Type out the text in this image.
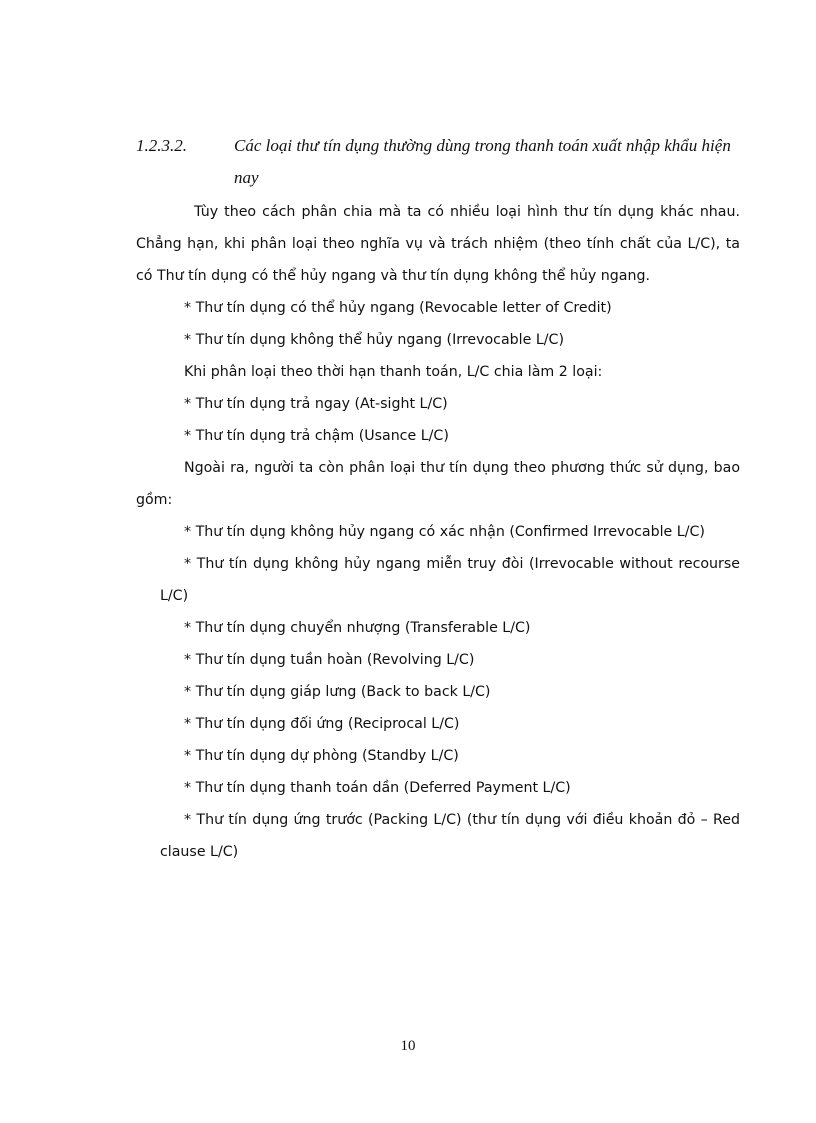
1.2.3.2.	Các loại thư tín dụng thường dùng trong thanh toán xuất nhập khẩu hiện nay

Tùy theo cách phân chia mà ta có nhiều loại hình thư tín dụng khác nhau. Chẳng hạn, khi phân loại theo nghĩa vụ và trách nhiệm (theo tính chất của L/C), ta có Thư tín dụng có thể hủy ngang và thư tín dụng không thể hủy ngang.

* Thư tín dụng có thể hủy ngang (Revocable letter of Credit)

* Thư tín dụng không thể hủy ngang (Irrevocable L/C)

Khi phân loại theo thời hạn thanh toán, L/C chia làm 2 loại:

* Thư tín dụng trả ngay (At-sight L/C)

* Thư tín dụng trả chậm (Usance L/C)

Ngoài ra, người ta còn phân loại thư tín dụng theo phương thức sử dụng, bao gồm:

* Thư tín dụng không hủy ngang có xác nhận (Confirmed Irrevocable L/C)

* Thư tín dụng không hủy ngang miễn truy đòi (Irrevocable without recourse L/C)

* Thư tín dụng chuyển nhượng (Transferable L/C)

* Thư tín dụng tuần hoàn (Revolving L/C)

* Thư tín dụng giáp lưng (Back to back L/C)

* Thư tín dụng đối ứng (Reciprocal L/C)

* Thư tín dụng dự phòng (Standby L/C)

* Thư tín dụng thanh toán dần (Deferred Payment L/C)

* Thư tín dụng ứng trước (Packing L/C) (thư tín dụng với điều khoản đỏ – Red clause L/C)

10
